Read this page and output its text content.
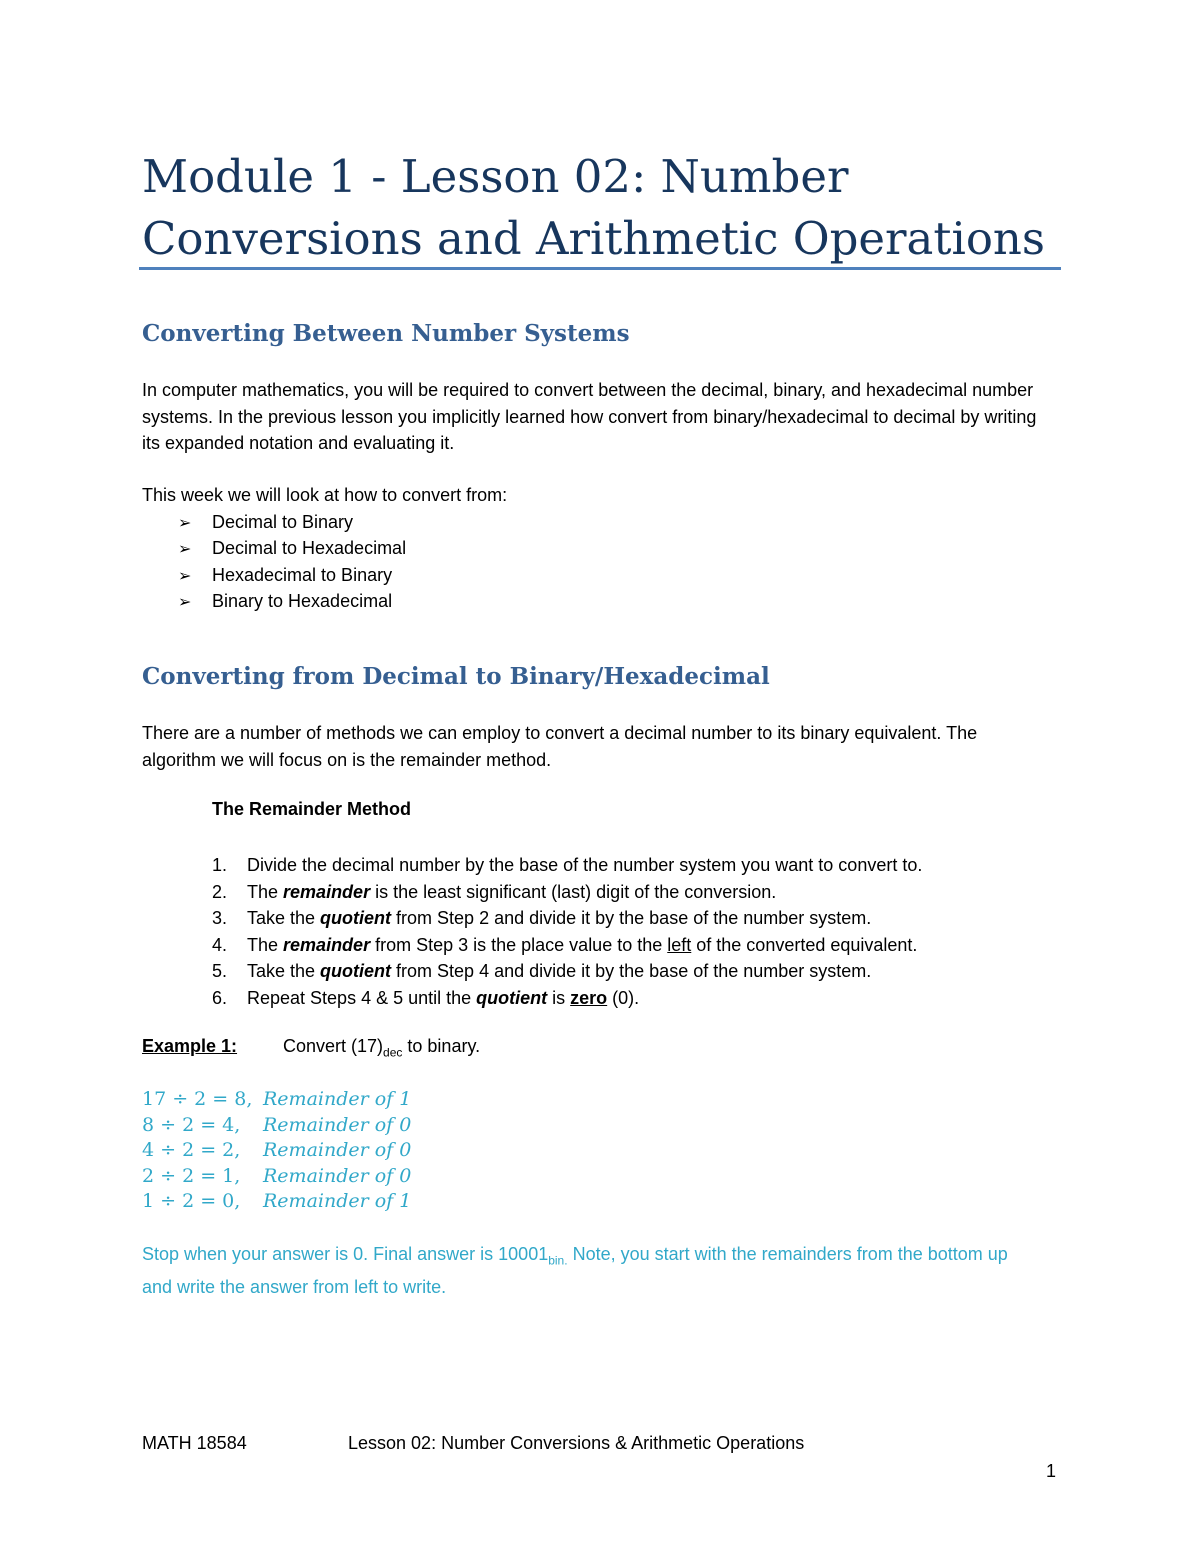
Module 1 - Lesson 02: Number Conversions and Arithmetic Operations
Converting Between Number Systems

In computer mathematics, you will be required to convert between the decimal, binary, and hexadecimal number systems. In the previous lesson you implicitly learned how convert from binary/hexadecimal to decimal by writing its expanded notation and evaluating it.

This week we will look at how to convert from:

➢ Decimal to Binary
➢ Decimal to Hexadecimal
➢ Hexadecimal to Binary
➢ Binary to Hexadecimal
Converting from Decimal to Binary/Hexadecimal

There are a number of methods we can employ to convert a decimal number to its binary equivalent. The algorithm we will focus on is the remainder method.

The Remainder Method

1. Divide the decimal number by the base of the number system you want to convert to.
2. The remainder is the least significant (last) digit of the conversion.
3. Take the quotient from Step 2 and divide it by the base of the number system.
4. The remainder from Step 3 is the place value to the left of the converted equivalent.
5. Take the quotient from Step 4 and divide it by the base of the number system.
6. Repeat Steps 4 & 5 until the quotient is zero (0).
Example 1:	Convert $(17)_{dec}$ to binary.
17 ÷ 2 = 8, Remainder of 1
8 ÷ 2 = 4, Remainder of 0
4 ÷ 2 = 2, Remainder of 0
2 ÷ 2 = 1, Remainder of 0
1 ÷ 2 = 0, Remainder of 1

Stop when your answer is 0. Final answer is $10001_{bin.}$ Note, you start with the remainders from the bottom up and write the answer from left to write.

MATH 18584	Lesson 02: Number Conversions & Arithmetic Operations
1
